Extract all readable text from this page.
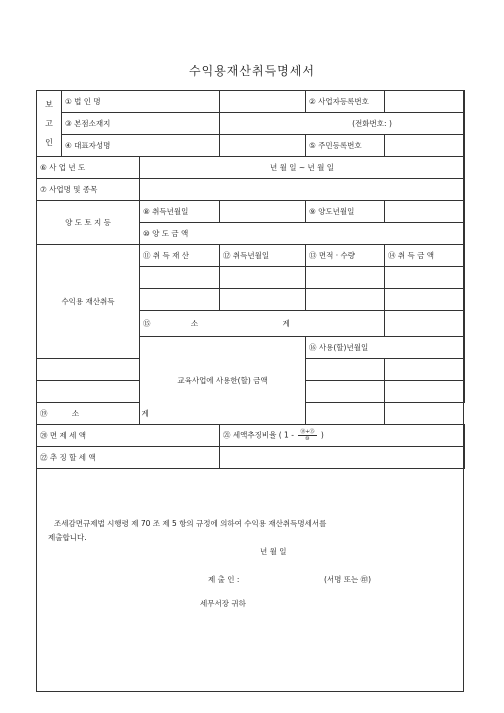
수익용재산취득명세서
보
고
인	① 법 인 명			② 사업자등록번호		
	③ 본점소재지		(전화번호: )			
	④ 대표자성명			⑤ 주민등록번호		
⑥ 사 업 년 도		년 월 일 ~ 년 월 일				
⑦ 사업명 및 종목						
양 도 토 지 등		⑧ 취득년월일		⑨ 양도년월일		
		⑩ 양 도 금 액				
수익용 재산취득		⑪ 취 득 재 산	⑫ 취득년월일	⑬ 면적 · 수량	⑭ 취 득 금 액	

		⑮ 소 계				
		교육사업에 사용한(할) 금액		⑯ 사용(할)년월일		

⑲ 소 계						
⑳ 면 제 세 액			㉑ 세액추징비율 ( $1 - \frac{\text{⑱+⑮}}{\text{⑩}}$ )			
㉒ 추 징 할 세 액						
조세감면규제법 시행령 제 70 조 제 5 항의 규정에 의하여 수익용 재산취득명세서를
제출합니다.
년 월 일
제 출 인 :	(서명 또는 ㊞)
세무서장 귀하
